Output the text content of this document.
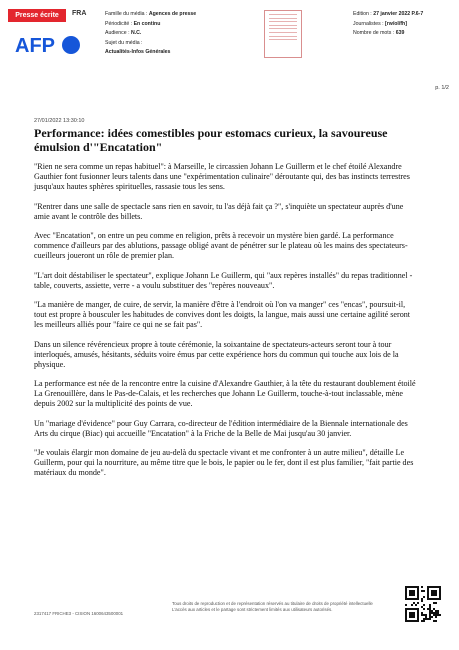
Presse écrite	FRA
AFP
Famille du média : Agences de presse
Périodicité : En continu
Audience : N.C.
Sujet du média :
Actualités-Infos Générales
Edition : 27 janvier 2022 P.6-7
Journalistes : [rw/ol/fh]
Nombre de mots : 639
p. 1/2
27/01/2022 13:30:10
Performance: idées comestibles pour estomacs curieux, la savoureuse émulsion d'"Encatation"

"Rien ne sera comme un repas habituel": à Marseille, le circassien Johann Le Guillerm et le chef étoilé Alexandre Gauthier font fusionner leurs talents dans une "expérimentation culinaire" déroutante qui, des bas instincts terrestres jusqu'aux hautes sphères spirituelles, rassasie tous les sens.

"Rentrer dans une salle de spectacle sans rien en savoir, tu l'as déjà fait ça ?", s'inquiète un spectateur auprès d'une amie avant le contrôle des billets.

Avec "Encatation", on entre un peu comme en religion, prêts à recevoir un mystère bien gardé. La performance commence d'ailleurs par des ablutions, passage obligé avant de pénétrer sur le plateau où les mains des spectateurs-cueilleurs joueront un rôle de premier plan.

"L'art doit déstabiliser le spectateur", explique Johann Le Guillerm, qui "aux repères installés" du repas traditionnel - table, couverts, assiette, verre - a voulu substituer des "repères nouveaux".

"La manière de manger, de cuire, de servir, la manière d'être à l'endroit où l'on va manger" ces "encas", poursuit-il, tout est propre à bousculer les habitudes de convives dont les doigts, la langue, mais aussi une certaine agilité seront les meilleurs alliés pour "faire ce qui ne se fait pas".

Dans un silence révérencieux propre à toute cérémonie, la soixantaine de spectateurs-acteurs seront tour à tour interloqués, amusés, hésitants, séduits voire émus par cette expérience hors du commun qui touche aux lois de la physique.

La performance est née de la rencontre entre la cuisine d'Alexandre Gauthier, à la tête du restaurant doublement étoilé La Grenouillère, dans le Pas-de-Calais, et les recherches que Johann Le Guillerm, touche-à-tout inclassable, mène depuis 2002 sur la multiplicité des points de vue.

Un "mariage d'évidence" pour Guy Carrara, co-directeur de l'édition intermédiaire de la Biennale internationale des Arts du cirque (Biac) qui accueille "Encatation" à la Friche de la Belle de Mai jusqu'au 30 janvier.

"Je voulais élargir mon domaine de jeu au-delà du spectacle vivant et me confronter à un autre milieu", détaille Le Guillerm, pour qui la nourriture, au même titre que le bois, le papier ou le fer, dont il est plus familier, "fait partie des matériaux du monde".

2317417 FRICHE3 - CISION 1600643500001
Tous droits de reproduction et de représentation réservés au titulaire de droits de propriété intellectuelle
L'accès aux articles et le partage sont strictement limités aux utilisateurs autorisés.
